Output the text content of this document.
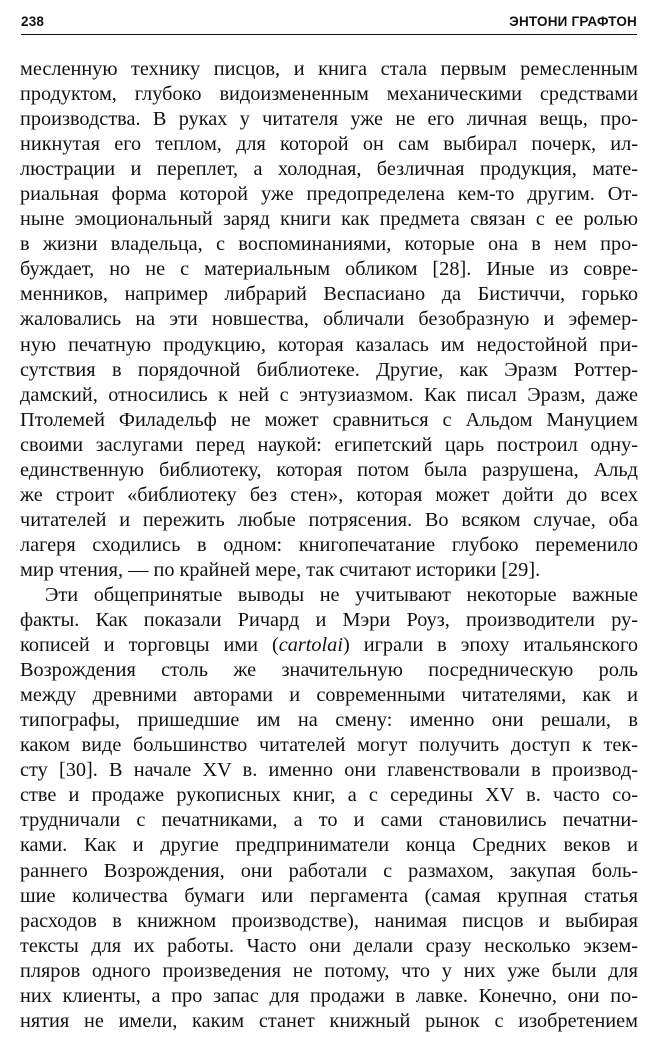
238	ЭНТОНИ ГРАФТОН
месленную технику писцов, и книга стала первым ремесленным
продуктом, глубоко видоизмененным механическими средствами
производства. В руках у читателя уже не его личная вещь, про-
никнутая его теплом, для которой он сам выбирал почерк, ил-
люстрации и переплет, а холодная, безличная продукция, мате-
риальная форма которой уже предопределена кем-то другим. От-
ныне эмоциональный заряд книги как предмета связан с ее ролью
в жизни владельца, с воспоминаниями, которые она в нем про-
буждает, но не с материальным обликом [28]. Иные из совре-
менников, например либрарий Веспасиано да Бистиччи, горько
жаловались на эти новшества, обличали безобразную и эфемер-
ную печатную продукцию, которая казалась им недостойной при-
сутствия в порядочной библиотеке. Другие, как Эразм Роттер-
дамский, относились к ней с энтузиазмом. Как писал Эразм, даже
Птолемей Филадельф не может сравниться с Альдом Мануцием
своими заслугами перед наукой: египетский царь построил одну-
единственную библиотеку, которая потом была разрушена, Альд
же строит «библиотеку без стен», которая может дойти до всех
читателей и пережить любые потрясения. Во всяком случае, оба
лагеря сходились в одном: книгопечатание глубоко переменило
мир чтения, — по крайней мере, так считают историки [29].
Эти общепринятые выводы не учитывают некоторые важные
факты. Как показали Ричард и Мэри Роуз, производители ру-
кописей и торговцы ими (cartolai) играли в эпоху итальянского
Возрождения столь же значительную посредническую роль
между древними авторами и современными читателями, как и
типографы, пришедшие им на смену: именно они решали, в
каком виде большинство читателей могут получить доступ к тек-
сту [30]. В начале XV в. именно они главенствовали в производ-
стве и продаже рукописных книг, а с середины XV в. часто со-
трудничали с печатниками, а то и сами становились печатни-
ками. Как и другие предприниматели конца Средних веков и
раннего Возрождения, они работали с размахом, закупая боль-
шие количества бумаги или пергамента (самая крупная статья
расходов в книжном производстве), нанимая писцов и выбирая
тексты для их работы. Часто они делали сразу несколько экзем-
пляров одного произведения не потому, что у них уже были для
них клиенты, а про запас для продажи в лавке. Конечно, они по-
нятия не имели, каким станет книжный рынок с изобретением
